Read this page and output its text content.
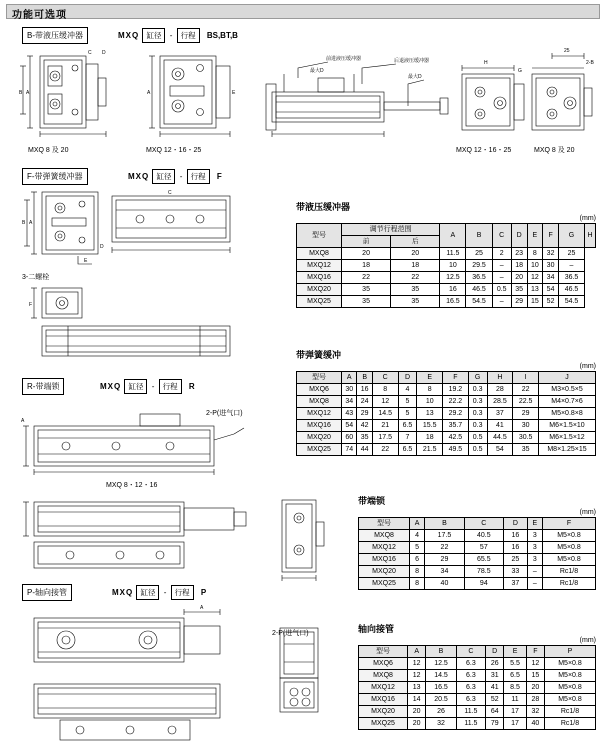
功能可选项
B-带液压缓冲器	MXQ 缸径 - 行程 BS,BT,B
A
B
C D
A	E
最大D
前进液压缓冲器	后退液压缓冲器
最大D
H
G
25
2-B
MXQ 8 及 20	MXQ 12・16・25	MXQ 12・16・25	MXQ 8 及 20
F-带弹簧缓冲器	MXQ 缸径 - 行程 F
A
B
D
E
C
3-二螺栓
F
R-带端锁	MXQ 缸径 - 行程 R
2-P(进气口)
A
MXQ 8・12・16
P-轴向接管	MXQ 缸径 - 行程 P
2-P(进气口)
A
带液压缓冲器
(mm)
型号	调节行程范围		A	B	C	D	E	F	G	H
	前	后								
MXQ8	20	20	11.5	25	2	23	8	32	25	
MXQ12	18	18	10	29.5	–	18	10	30	–	
MXQ16	22	22	12.5	36.5	–	20	12	34	36.5	
MXQ20	35	35	16	46.5	0.5	35	13	54	46.5	
MXQ25	35	35	16.5	54.5	–	29	15	52	54.5	
带弹簧缓冲
(mm)
型号	A	B	C	D	E	F	G	H	I	J
MXQ6	30	16	8	4	8	19.2	0.3	28	22	M3×0.5×5
MXQ8	34	24	12	5	10	22.2	0.3	28.5	22.5	M4×0.7×6
MXQ12	43	29	14.5	5	13	29.2	0.3	37	29	M5×0.8×8
MXQ16	54	42	21	6.5	15.5	35.7	0.3	41	30	M6×1.5×10
MXQ20	60	35	17.5	7	18	42.5	0.5	44.5	30.5	M6×1.5×12
MXQ25	74	44	22	6.5	21.5	49.5	0.5	54	35	M8×1.25×15
带端锁
(mm)
型号	A	B	C	D	E	F
MXQ8	4	17.5	40.5	16	3	M5×0.8
MXQ12	5	22	57	16	3	M5×0.8
MXQ16	6	29	65.5	25	3	M5×0.8
MXQ20	8	34	78.5	33	–	Rc1/8
MXQ25	8	40	94	37	–	Rc1/8
轴向接管
(mm)
型号	A	B	C	D	E	F	P
MXQ6	12	12.5	6.3	26	5.5	12	M5×0.8
MXQ8	12	14.5	6.3	31	6.5	15	M5×0.8
MXQ12	13	16.5	6.3	41	8.5	20	M5×0.8
MXQ16	14	20.5	6.3	52	11	28	M5×0.8
MXQ20	20	26	11.5	64	17	32	Rc1/8
MXQ25	20	32	11.5	79	17	40	Rc1/8
